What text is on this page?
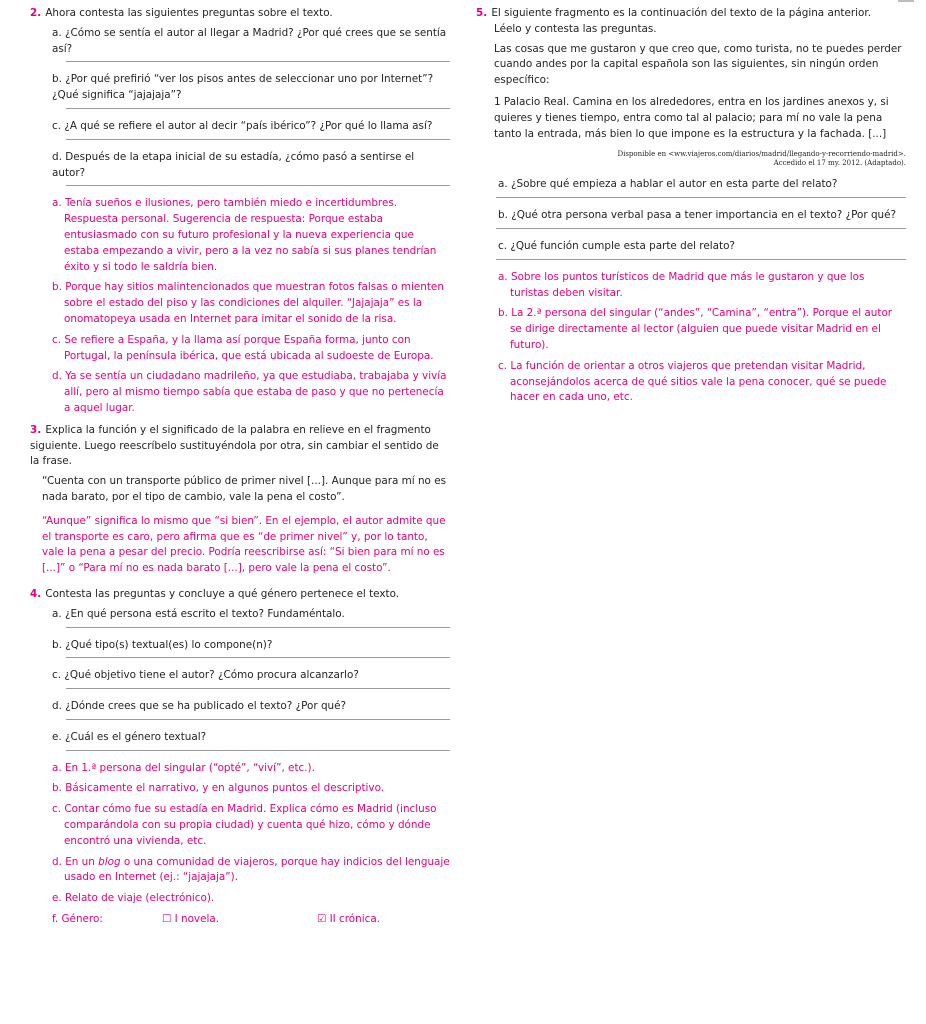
2. Ahora contesta las siguientes preguntas sobre el texto.
a. ¿Cómo se sentía el autor al llegar a Madrid? ¿Por qué crees que se sentía así?
b. ¿Por qué prefirió “ver los pisos antes de seleccionar uno por Internet”? ¿Qué significa “jajajaja”?
c. ¿A qué se refiere el autor al decir “país ibérico”? ¿Por qué lo llama así?
d. Después de la etapa inicial de su estadía, ¿cómo pasó a sentirse el autor?
a. Tenía sueños e ilusiones, pero también miedo e incertidumbres. Respuesta personal. Sugerencia de respuesta: Porque estaba entusiasmado con su futuro profesional y la nueva experiencia que estaba empezando a vivir, pero a la vez no sabía si sus planes tendrían éxito y si todo le saldría bien.
b. Porque hay sitios malintencionados que muestran fotos falsas o mienten sobre el estado del piso y las condiciones del alquiler. “Jajajaja” es la onomatopeya usada en Internet para imitar el sonido de la risa.
c. Se refiere a España, y la llama así porque España forma, junto con Portugal, la península ibérica, que está ubicada al sudoeste de Europa.
d. Ya se sentía un ciudadano madrileño, ya que estudiaba, trabajaba y vivía allí, pero al mismo tiempo sabía que estaba de paso y que no pertenecía a aquel lugar.
3. Explica la función y el significado de la palabra en relieve en el fragmento siguiente. Luego reescríbelo sustituyéndola por otra, sin cambiar el sentido de la frase.
“Cuenta con un transporte público de primer nivel [...]. Aunque para mí no es nada barato, por el tipo de cambio, vale la pena el costo”.
“Aunque” significa lo mismo que “si bien”. En el ejemplo, el autor admite que el transporte es caro, pero afirma que es “de primer nivel” y, por lo tanto, vale la pena a pesar del precio. Podría reescribirse así: “Si bien para mí no es [...]” o “Para mí no es nada barato [...], pero vale la pena el costo”.
4. Contesta las preguntas y concluye a qué género pertenece el texto.
a. ¿En qué persona está escrito el texto? Fundaméntalo.
b. ¿Qué tipo(s) textual(es) lo compone(n)?
c. ¿Qué objetivo tiene el autor? ¿Cómo procura alcanzarlo?
d. ¿Dónde crees que se ha publicado el texto? ¿Por qué?
e. ¿Cuál es el género textual?
a. En 1.ª persona del singular (“opté”, “viví”, etc.).
b. Básicamente el narrativo, y en algunos puntos el descriptivo.
c. Contar cómo fue su estadía en Madrid. Explica cómo es Madrid (incluso comparándola con su propia ciudad) y cuenta qué hizo, cómo y dónde encontró una vivienda, etc.
d. En un blog o una comunidad de viajeros, porque hay indicios del lenguaje
usado en Internet (ej.: “jajajaja”).
e. Relato de viaje (electrónico).
f. Género:	☐ I novela.	☑ II crónica.
5. El siguiente fragmento es la continuación del texto de la página anterior.
Léelo y contesta las preguntas.
Las cosas que me gustaron y que creo que, como turista, no te puedes perder cuando andes por la capital española son las siguientes, sin ningún orden específico:
1 Palacio Real. Camina en los alrededores, entra en los jardines anexos y, si quieres y tienes tiempo, entra como tal al palacio; para mí no vale la pena tanto la entrada, más bien lo que impone es la estructura y la fachada. [...]
Disponible en <ww.viajeros.com/diarios/madrid/llegando-y-recorriendo-madrid>.
Accedido el 17 my. 2012. (Adaptado).
a. ¿Sobre qué empieza a hablar el autor en esta parte del relato?
b. ¿Qué otra persona verbal pasa a tener importancia en el texto? ¿Por qué?
c. ¿Qué función cumple esta parte del relato?
a. Sobre los puntos turísticos de Madrid que más le gustaron y que los turistas deben visitar.
b. La 2.ª persona del singular (“andes”, “Camina”, “entra”). Porque el autor se dirige directamente al lector (alguien que puede visitar Madrid en el futuro).
c. La función de orientar a otros viajeros que pretendan visitar Madrid, aconsejándolos acerca de qué sitios vale la pena conocer, qué se puede hacer en cada uno, etc.
